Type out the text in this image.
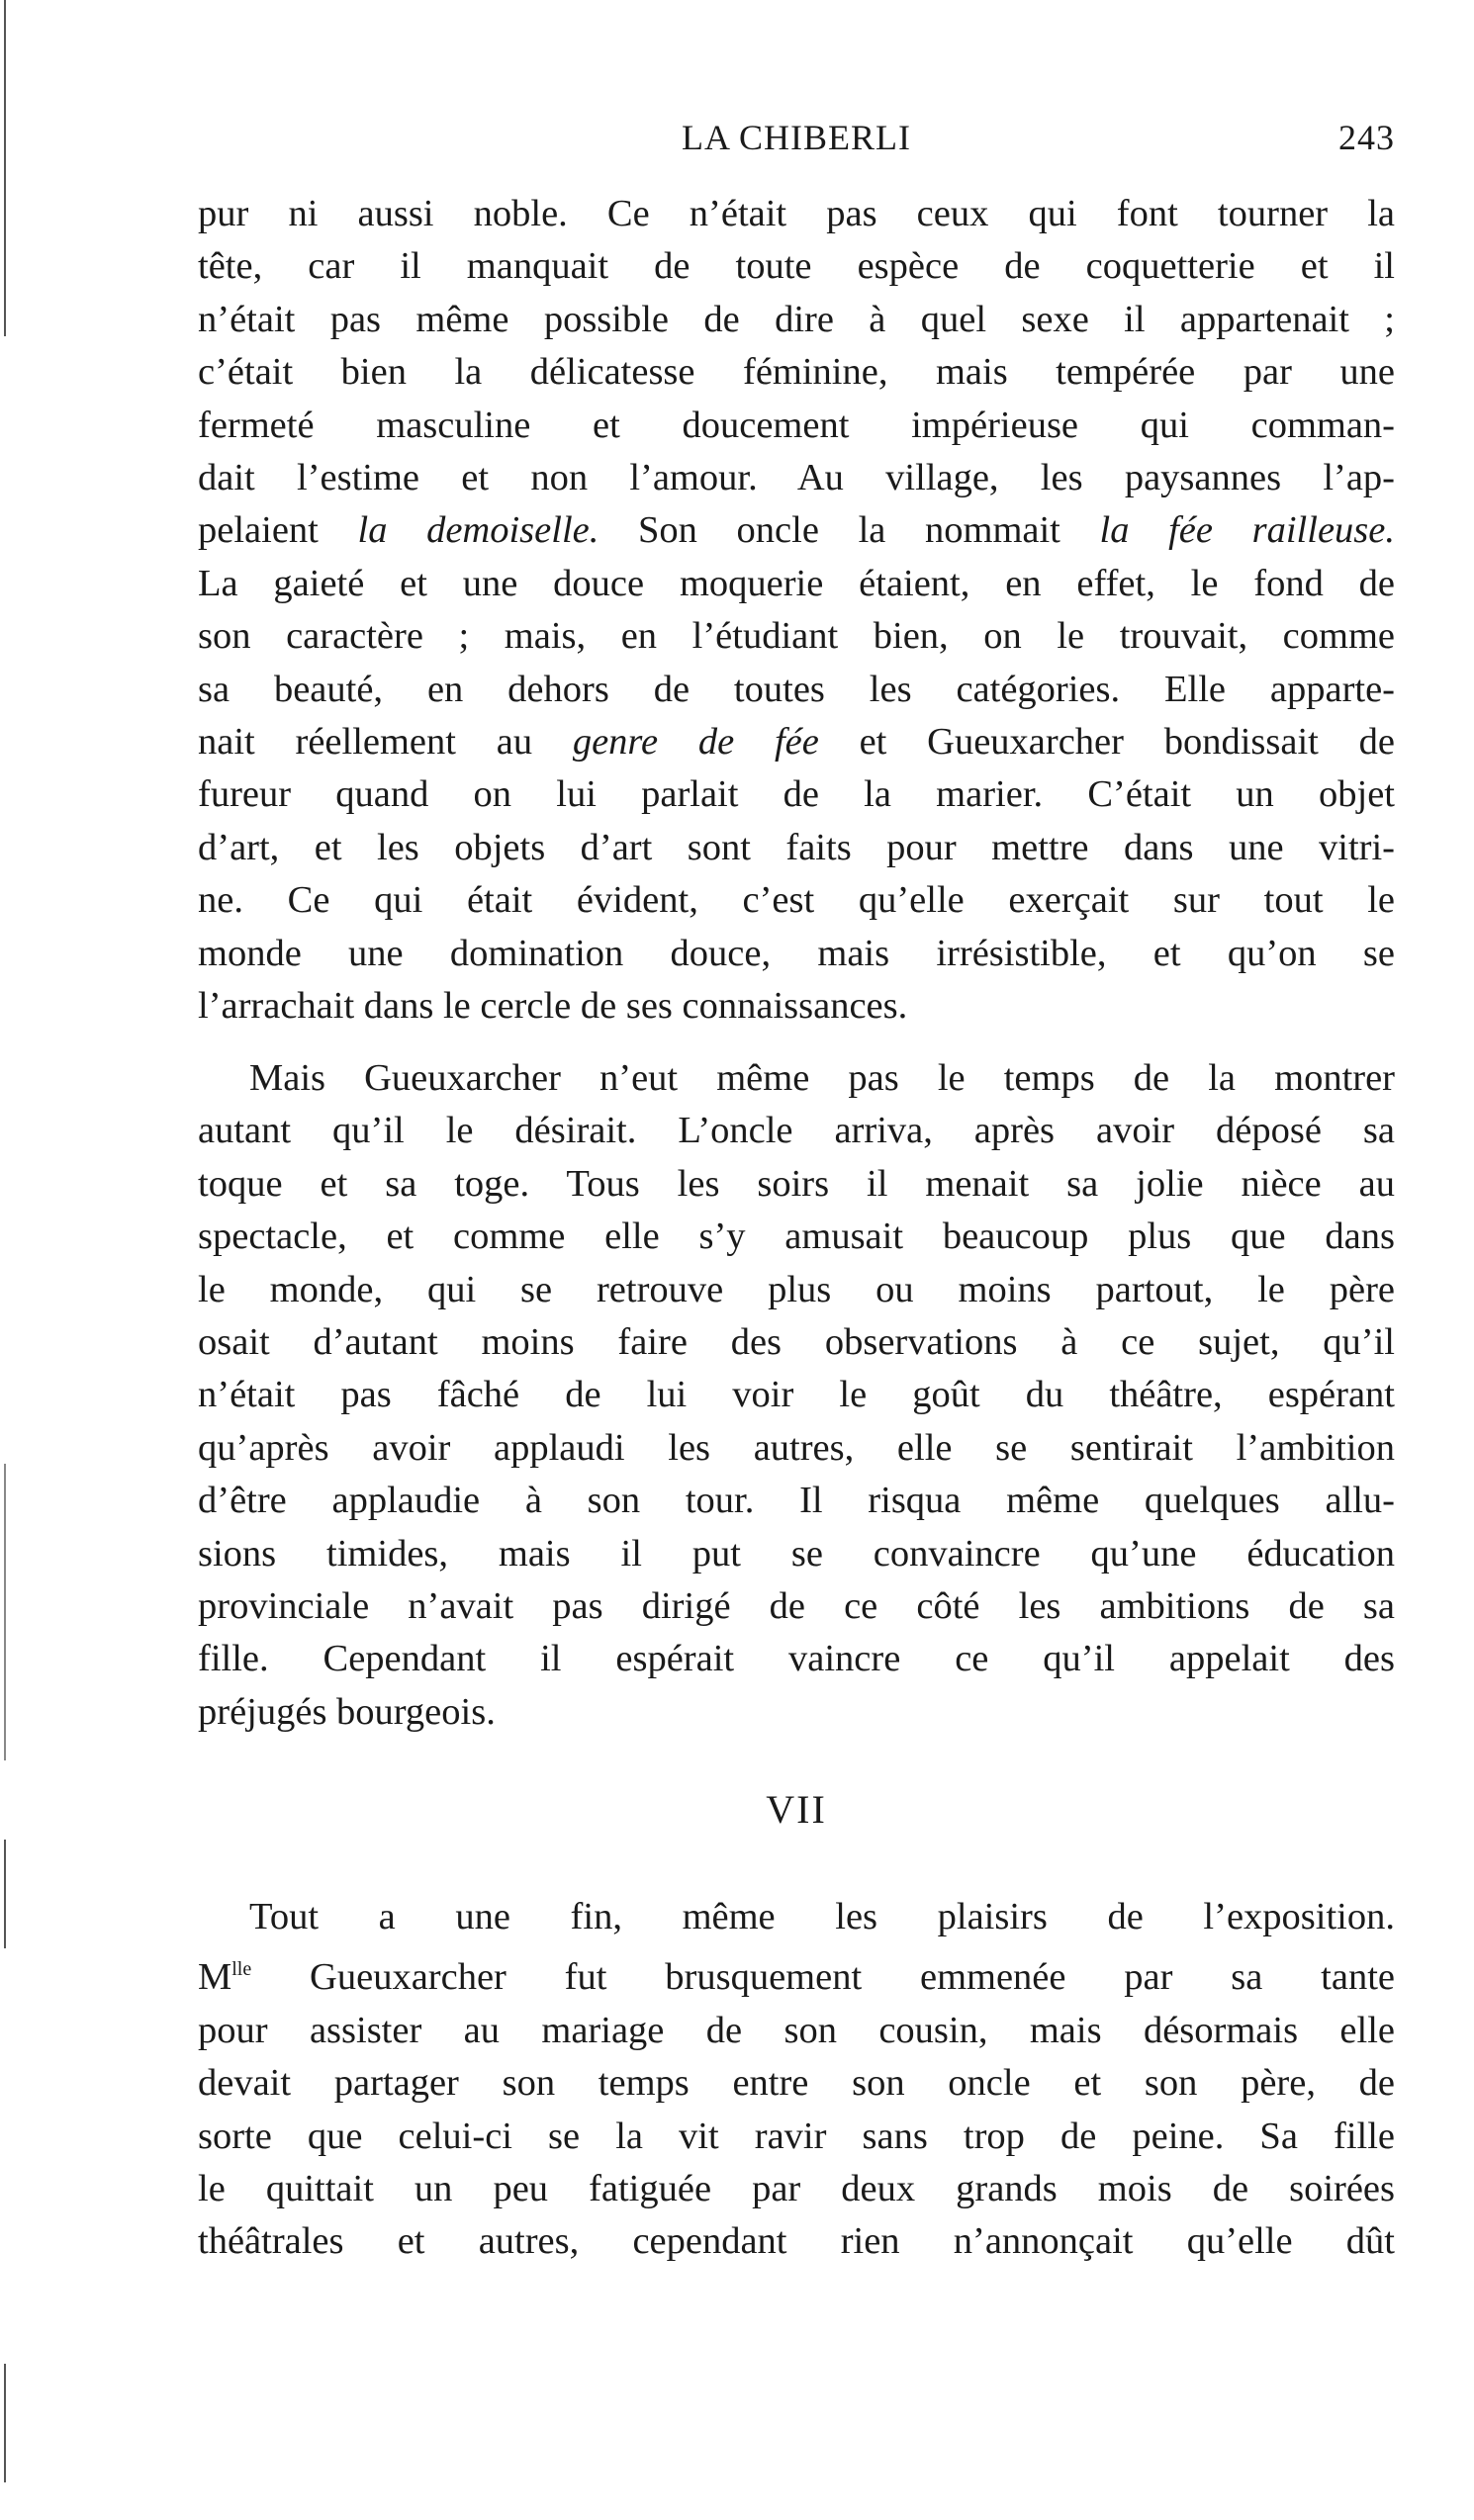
LA CHIBERLI	243
pur ni aussi noble. Ce n’était pas ceux qui font tourner la
tête, car il manquait de toute espèce de coquetterie et il
n’était pas même possible de dire à quel sexe il appartenait ;
c’était bien la délicatesse féminine, mais tempérée par une
fermeté masculine et doucement impérieuse qui comman-
dait l’estime et non l’amour. Au village, les paysannes l’ap-
pelaient la demoiselle. Son oncle la nommait la fée railleuse.
La gaieté et une douce moquerie étaient, en effet, le fond de
son caractère ; mais, en l’étudiant bien, on le trouvait, comme
sa beauté, en dehors de toutes les catégories. Elle apparte-
nait réellement au genre de fée et Gueuxarcher bondissait de
fureur quand on lui parlait de la marier. C’était un objet
d’art, et les objets d’art sont faits pour mettre dans une vitri-
ne. Ce qui était évident, c’est qu’elle exerçait sur tout le
monde une domination douce, mais irrésistible, et qu’on se
l’arrachait dans le cercle de ses connaissances.
Mais Gueuxarcher n’eut même pas le temps de la montrer
autant qu’il le désirait. L’oncle arriva, après avoir déposé sa
toque et sa toge. Tous les soirs il menait sa jolie nièce au
spectacle, et comme elle s’y amusait beaucoup plus que dans
le monde, qui se retrouve plus ou moins partout, le père
osait d’autant moins faire des observations à ce sujet, qu’il
n’était pas fâché de lui voir le goût du théâtre, espérant
qu’après avoir applaudi les autres, elle se sentirait l’ambition
d’être applaudie à son tour. Il risqua même quelques allu-
sions timides, mais il put se convaincre qu’une éducation
provinciale n’avait pas dirigé de ce côté les ambitions de sa
fille. Cependant il espérait vaincre ce qu’il appelait des
préjugés bourgeois.
VII
Tout a une fin, même les plaisirs de l’exposition.
$M^{lle}$ Gueuxarcher fut brusquement emmenée par sa tante
pour assister au mariage de son cousin, mais désormais elle
devait partager son temps entre son oncle et son père, de
sorte que celui-ci se la vit ravir sans trop de peine. Sa fille
le quittait un peu fatiguée par deux grands mois de soirées
théâtrales et autres, cependant rien n’annonçait qu’elle dût
